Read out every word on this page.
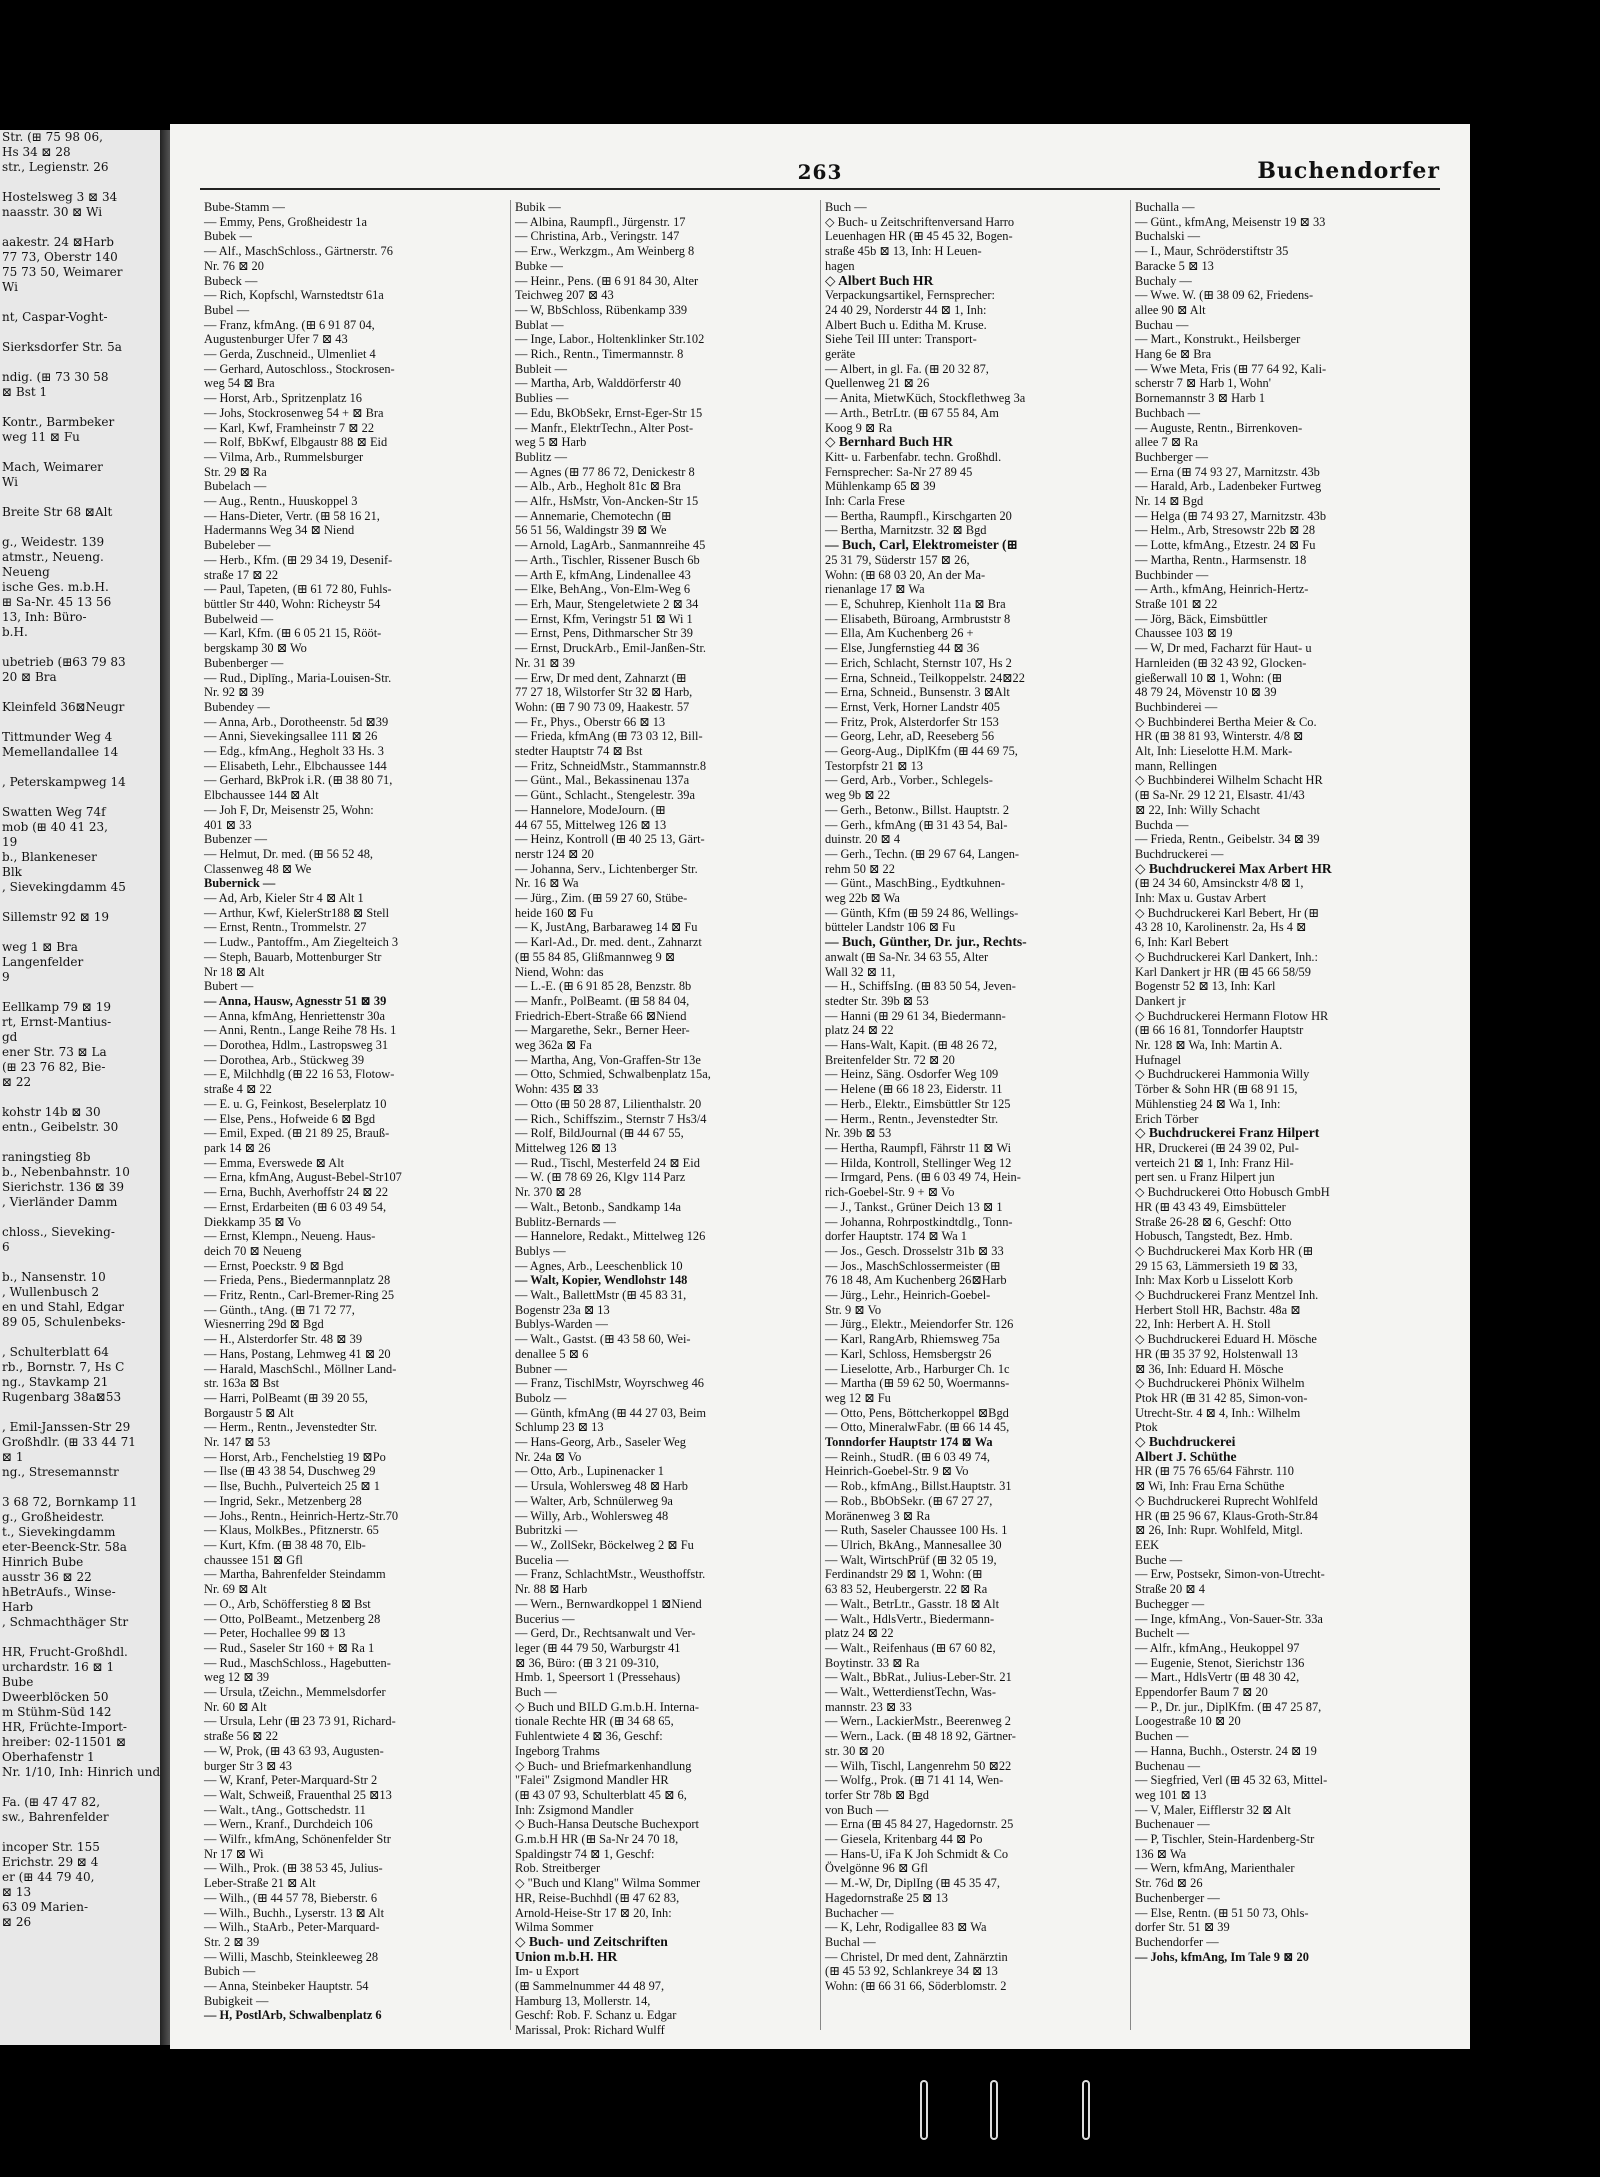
Str. (⊞ 75 98 06,
Hs 34 ⊠ 28
str., Legienstr. 26

Hostelsweg 3 ⊠ 34
naasstr. 30 ⊠ Wi

aakestr. 24 ⊠Harb
77 73, Oberstr 140
75 73 50, Weimarer
Wi

nt, Caspar-Voght-

Sierksdorfer Str. 5a

ndig. (⊞ 73 30 58
⊠ Bst 1

Kontr., Barmbeker
weg 11 ⊠ Fu

Mach, Weimarer
Wi

Breite Str 68 ⊠Alt

g., Weidestr. 139
atmstr., Neueng.
Neueng
ische Ges. m.b.H.
⊞ Sa-Nr. 45 13 56
13, Inh: Büro-
b.H.

ubetrieb (⊞63 79 83
20 ⊠ Bra

Kleinfeld 36⊠Neugr

Tittmunder Weg 4
Memellandallee 14

, Peterskampweg 14

Swatten Weg 74f
mob (⊞ 40 41 23,
19
b., Blankeneser
Blk
, Sievekingdamm 45

Sillemstr 92 ⊠ 19

weg 1 ⊠ Bra
Langenfelder
9

Eellkamp 79 ⊠ 19
rt, Ernst-Mantius-
gd
ener Str. 73 ⊠ La
(⊞ 23 76 82, Bie-
⊠ 22

kohstr 14b ⊠ 30
entn., Geibelstr. 30

raningstieg 8b
b., Nebenbahnstr. 10
Sierichstr. 136 ⊠ 39
, Vierländer Damm

chloss., Sieveking-
6

b., Nansenstr. 10
, Wullenbusch 2
en und Stahl, Edgar
89 05, Schulenbeks-

, Schulterblatt 64
rb., Bornstr. 7, Hs C
ng., Stavkamp 21
Rugenbarg 38a⊠53

, Emil-Janssen-Str 29
Großhdlr. (⊞ 33 44 71
⊠ 1
ng., Stresemannstr

3 68 72, Bornkamp 11
g., Großheidestr.
t., Sievekingdamm
eter-Beenck-Str. 58a
Hinrich Bube
ausstr 36 ⊠ 22
hBetrAufs., Winse-
Harb
, Schmachthäger Str

HR, Frucht-Großhdl.
urchardstr. 16 ⊠ 1
Bube
Dweerblöcken 50
m Stühm-Süd 142
HR, Früchte-Import-
hreiber: 02-11501 ⊠
Oberhafenstr 1
Nr. 1/10, Inh: Hinrich und

Fa. (⊞ 47 47 82,
sw., Bahrenfelder

incoper Str. 155
Erichstr. 29 ⊠ 4
er (⊞ 44 79 40,
⊠ 13
63 09 Marien-
⊠ 26
263	Buchendorfer
Bube-Stamm —
— Emmy, Pens, Großheidestr 1a
Bubek —
— Alf., MaschSchloss., Gärtnerstr. 76
Nr. 76 ⊠ 20
Bubeck —
— Rich, Kopfschl, Warnstedtstr 61a
Bubel —
— Franz, kfmAng. (⊞ 6 91 87 04,
Augustenburger Ufer 7 ⊠ 43
— Gerda, Zuschneid., Ulmenliet 4
— Gerhard, Autoschloss., Stockrosen-
weg 54 ⊠ Bra
— Horst, Arb., Spritzenplatz 16
— Johs, Stockrosenweg 54 + ⊠ Bra
— Karl, Kwf, Framheinstr 7 ⊠ 22
— Rolf, BbKwf, Elbgaustr 88 ⊠ Eid
— Vilma, Arb., Rummelsburger
Str. 29 ⊠ Ra
Bubelach —
— Aug., Rentn., Huuskoppel 3
— Hans-Dieter, Vertr. (⊞ 58 16 21,
Hadermanns Weg 34 ⊠ Niend
Bubeleber —
— Herb., Kfm. (⊞ 29 34 19, Desenif-
straße 17 ⊠ 22
— Paul, Tapeten, (⊞ 61 72 80, Fuhls-
büttler Str 440, Wohn: Richeystr 54
Bubelweid —
— Karl, Kfm. (⊞ 6 05 21 15, Rööt-
bergskamp 30 ⊠ Wo
Bubenberger —
— Rud., Diplīng., Maria-Louisen-Str.
Nr. 92 ⊠ 39
Bubendey —
— Anna, Arb., Dorotheenstr. 5d ⊠39
— Anni, Sievekingsallee 111 ⊠ 26
— Edg., kfmAng., Hegholt 33 Hs. 3
— Elisabeth, Lehr., Elbchaussee 144
— Gerhard, BkProk i.R. (⊞ 38 80 71,
Elbchaussee 144 ⊠ Alt
— Joh F, Dr, Meisenstr 25, Wohn:
401 ⊠ 33
Bubenzer —
— Helmut, Dr. med. (⊞ 56 52 48,
Classenweg 48 ⊠ We
Bubernick —
— Ad, Arb, Kieler Str 4 ⊠ Alt 1
— Arthur, Kwf, KielerStr188 ⊠ Stell
— Ernst, Rentn., Trommelstr. 27
— Ludw., Pantoffm., Am Ziegelteich 3
— Steph, Bauarb, Mottenburger Str
Nr 18 ⊠ Alt
Bubert —
— Anna, Hausw, Agnesstr 51 ⊠ 39
— Anna, kfmAng, Henriettenstr 30a
— Anni, Rentn., Lange Reihe 78 Hs. 1
— Dorothea, Hdlm., Lastropsweg 31
— Dorothea, Arb., Stückweg 39
— E, Milchhdlg (⊞ 22 16 53, Flotow-
straße 4 ⊠ 22
— E. u. G, Feinkost, Beselerplatz 10
— Else, Pens., Hofweide 6 ⊠ Bgd
— Emil, Exped. (⊞ 21 89 25, Brauß-
park 14 ⊠ 26
— Emma, Everswede ⊠ Alt
— Erna, kfmAng, August-Bebel-Str107
— Erna, Buchh, Averhoffstr 24 ⊠ 22
— Ernst, Erdarbeiten (⊞ 6 03 49 54,
Diekkamp 35 ⊠ Vo
— Ernst, Klempn., Neueng. Haus-
deich 70 ⊠ Neueng
— Ernst, Poeckstr. 9 ⊠ Bgd
— Frieda, Pens., Biedermannplatz 28
— Fritz, Rentn., Carl-Bremer-Ring 25
— Günth., tAng. (⊞ 71 72 77,
Wiesnerring 29d ⊠ Bgd
— H., Alsterdorfer Str. 48 ⊠ 39
— Hans, Postang, Lehmweg 41 ⊠ 20
— Harald, MaschSchl., Möllner Land-
str. 163a ⊠ Bst
— Harri, PolBeamt (⊞ 39 20 55,
Borgaustr 5 ⊠ Alt
— Herm., Rentn., Jevenstedter Str.
Nr. 147 ⊠ 53
— Horst, Arb., Fenchelstieg 19 ⊠Po
— Ilse (⊞ 43 38 54, Duschweg 29
— Ilse, Buchh., Pulverteich 25 ⊠ 1
— Ingrid, Sekr., Metzenberg 28
— Johs., Rentn., Heinrich-Hertz-Str.70
— Klaus, MolkBes., Pfitznerstr. 65
— Kurt, Kfm. (⊞ 38 48 70, Elb-
chaussee 151 ⊠ Gfl
— Martha, Bahrenfelder Steindamm
Nr. 69 ⊠ Alt
— O., Arb, Schöfferstieg 8 ⊠ Bst
— Otto, PolBeamt., Metzenberg 28
— Peter, Hochallee 99 ⊠ 13
— Rud., Saseler Str 160 + ⊠ Ra 1
— Rud., MaschSchloss., Hagebutten-
weg 12 ⊠ 39
— Ursula, tZeichn., Memmelsdorfer
Nr. 60 ⊠ Alt
— Ursula, Lehr (⊞ 23 73 91, Richard-
straße 56 ⊠ 22
— W, Prok, (⊞ 43 63 93, Augusten-
burger Str 3 ⊠ 43
— W, Kranf, Peter-Marquard-Str 2
— Walt, Schweiß, Frauenthal 25 ⊠13
— Walt., tAng., Gottschedstr. 11
— Wern., Kranf., Durchdeich 106
— Wilfr., kfmAng, Schönenfelder Str
Nr 17 ⊠ Wi
— Wilh., Prok. (⊞ 38 53 45, Julius-
Leber-Straße 21 ⊠ Alt
— Wilh., (⊞ 44 57 78, Bieberstr. 6
— Wilh., Buchh., Lyserstr. 13 ⊠ Alt
— Wilh., StaArb., Peter-Marquard-
Str. 2 ⊠ 39
— Willi, Maschb, Steinkleeweg 28
Bubich —
— Anna, Steinbeker Hauptstr. 54
Bubigkeit —
— H, PostlArb, Schwalbenplatz 6
Bubik —
— Albina, Raumpfl., Jürgenstr. 17
— Christina, Arb., Veringstr. 147
— Erw., Werkzgm., Am Weinberg 8
Bubke —
— Heinr., Pens. (⊞ 6 91 84 30, Alter
Teichweg 207 ⊠ 43
— W, BbSchloss, Rübenkamp 339
Bublat —
— Inge, Labor., Holtenklinker Str.102
— Rich., Rentn., Timermannstr. 8
Bubleit —
— Martha, Arb, Walddörferstr 40
Bublies —
— Edu, BkObSekr, Ernst-Eger-Str 15
— Manfr., ElektrTechn., Alter Post-
weg 5 ⊠ Harb
Bublitz —
— Agnes (⊞ 77 86 72, Denickestr 8
— Alb., Arb., Hegholt 81c ⊠ Bra
— Alfr., HsMstr, Von-Ancken-Str 15
— Annemarie, Chemotechn (⊞
56 51 56, Waldingstr 39 ⊠ We
— Arnold, LagArb., Sanmannreihe 45
— Arth., Tischler, Rissener Busch 6b
— Arth E, kfmAng, Lindenallee 43
— Elke, BehAng., Von-Elm-Weg 6
— Erh, Maur, Stengeletwiete 2 ⊠ 34
— Ernst, Kfm, Veringstr 51 ⊠ Wi 1
— Ernst, Pens, Dithmarscher Str 39
— Ernst, DruckArb., Emil-Janßen-Str.
Nr. 31 ⊠ 39
— Erw, Dr med dent, Zahnarzt (⊞
77 27 18, Wilstorfer Str 32 ⊠ Harb,
Wohn: (⊞ 7 90 73 09, Haakestr. 57
— Fr., Phys., Oberstr 66 ⊠ 13
— Frieda, kfmAng (⊞ 73 03 12, Bill-
stedter Hauptstr 74 ⊠ Bst
— Fritz, SchneidMstr., Stammannstr.8
— Günt., Mal., Bekassinenau 137a
— Günt., Schlacht., Stengelestr. 39a
— Hannelore, ModeJourn. (⊞
44 67 55, Mittelweg 126 ⊠ 13
— Heinz, Kontroll (⊞ 40 25 13, Gärt-
nerstr 124 ⊠ 20
— Johanna, Serv., Lichtenberger Str.
Nr. 16 ⊠ Wa
— Jürg., Zim. (⊞ 59 27 60, Stübe-
heide 160 ⊠ Fu
— K, JustAng, Barbaraweg 14 ⊠ Fu
— Karl-Ad., Dr. med. dent., Zahnarzt
(⊞ 55 84 85, Glißmannweg 9 ⊠
Niend, Wohn: das
— L.-E. (⊞ 6 91 85 28, Benzstr. 8b
— Manfr., PolBeamt. (⊞ 58 84 04,
Friedrich-Ebert-Straße 66 ⊠Niend
— Margarethe, Sekr., Berner Heer-
weg 362a ⊠ Fa
— Martha, Ang, Von-Graffen-Str 13e
— Otto, Schmied, Schwalbenplatz 15a,
Wohn: 435 ⊠ 33
— Otto (⊞ 50 28 87, Lilienthalstr. 20
— Rich., Schiffszim., Sternstr 7 Hs3/4
— Rolf, BildJournal (⊞ 44 67 55,
Mittelweg 126 ⊠ 13
— Rud., Tischl, Mesterfeld 24 ⊠ Eid
— W. (⊞ 78 69 26, Klgv 114 Parz
Nr. 370 ⊠ 28
— Walt., Betonb., Sandkamp 14a
Bublitz-Bernards —
— Hannelore, Redakt., Mittelweg 126
Bublys —
— Agnes, Arb., Leeschenblick 10
— Walt, Kopier, Wendlohstr 148
— Walt., BallettMstr (⊞ 45 83 31,
Bogenstr 23a ⊠ 13
Bublys-Warden —
— Walt., Gastst. (⊞ 43 58 60, Wei-
denallee 5 ⊠ 6
Bubner —
— Franz, TischlMstr, Woyrschweg 46
Bubolz —
— Günth, kfmAng (⊞ 44 27 03, Beim
Schlump 23 ⊠ 13
— Hans-Georg, Arb., Saseler Weg
Nr. 24a ⊠ Vo
— Otto, Arb., Lupinenacker 1
— Ursula, Wohlersweg 48 ⊠ Harb
— Walter, Arb, Schnülerweg 9a
— Willy, Arb., Wohlersweg 48
Bubritzki —
— W., ZollSekr, Böckelweg 2 ⊠ Fu
Bucelia —
— Franz, SchlachtMstr., Weusthoffstr.
Nr. 88 ⊠ Harb
— Wern., Bernwardkoppel 1 ⊠Niend
Bucerius —
— Gerd, Dr., Rechtsanwalt und Ver-
leger (⊞ 44 79 50, Warburgstr 41
⊠ 36, Büro: (⊞ 3 21 09-310,
Hmb. 1, Speersort 1 (Pressehaus)
Buch —
◇ Buch und BILD G.m.b.H. Interna-
tionale Rechte HR (⊞ 34 68 65,
Fuhlentwiete 4 ⊠ 36, Geschf:
Ingeborg Trahms
◇ Buch- und Briefmarkenhandlung
"Falei" Zsigmond Mandler HR
(⊞ 43 07 93, Schulterblatt 45 ⊠ 6,
Inh: Zsigmond Mandler
◇ Buch-Hansa Deutsche Buchexport
G.m.b.H HR (⊞ Sa-Nr 24 70 18,
Spaldingstr 74 ⊠ 1, Geschf:
Rob. Streitberger
◇ "Buch und Klang" Wilma Sommer
HR, Reise-Buchhdl (⊞ 47 62 83,
Arnold-Heise-Str 17 ⊠ 20, Inh:
Wilma Sommer
◇ Buch- und Zeitschriften
Union m.b.H. HR
Im- u Export
(⊞ Sammelnummer 44 48 97,
Hamburg 13, Mollerstr. 14,
Geschf: Rob. F. Schanz u. Edgar
Marissal, Prok: Richard Wulff
Buch —
◇ Buch- u Zeitschriftenversand Harro
Leuenhagen HR (⊞ 45 45 32, Bogen-
straße 45b ⊠ 13, Inh: H Leuen-
hagen
◇ Albert Buch HR
Verpackungsartikel, Fernsprecher:
24 40 29, Norderstr 44 ⊠ 1, Inh:
Albert Buch u. Editha M. Kruse.
Siehe Teil III unter: Transport-
geräte
— Albert, in gl. Fa. (⊞ 20 32 87,
Quellenweg 21 ⊠ 26
— Anita, MietwKüch, Stockflethweg 3a
— Arth., BetrLtr. (⊞ 67 55 84, Am
Koog 9 ⊠ Ra
◇ Bernhard Buch HR
Kitt- u. Farbenfabr. techn. Großhdl.
Fernsprecher: Sa-Nr 27 89 45
Mühlenkamp 65 ⊠ 39
Inh: Carla Frese
— Bertha, Raumpfl., Kirschgarten 20
— Bertha, Marnitzstr. 32 ⊠ Bgd
— Buch, Carl, Elektromeister (⊞
25 31 79, Süderstr 157 ⊠ 26,
Wohn: (⊞ 68 03 20, An der Ma-
rienanlage 17 ⊠ Wa
— E, Schuhrep, Kienholt 11a ⊠ Bra
— Elisabeth, Büroang, Armbruststr 8
— Ella, Am Kuchenberg 26 +
— Else, Jungfernstieg 44 ⊠ 36
— Erich, Schlacht, Sternstr 107, Hs 2
— Erna, Schneid., Teilkoppelstr. 24⊠22
— Erna, Schneid., Bunsenstr. 3 ⊠Alt
— Ernst, Verk, Horner Landstr 405
— Fritz, Prok, Alsterdorfer Str 153
— Georg, Lehr, aD, Reeseberg 56
— Georg-Aug., DiplKfm (⊞ 44 69 75,
Testorpfstr 21 ⊠ 13
— Gerd, Arb., Vorber., Schlegels-
weg 9b ⊠ 22
— Gerh., Betonw., Billst. Hauptstr. 2
— Gerh., kfmAng (⊞ 31 43 54, Bal-
duinstr. 20 ⊠ 4
— Gerh., Techn. (⊞ 29 67 64, Langen-
rehm 50 ⊠ 22
— Günt., MaschBing., Eydtkuhnen-
weg 22b ⊠ Wa
— Günth, Kfm (⊞ 59 24 86, Wellings-
bütteler Landstr 106 ⊠ Fu
— Buch, Günther, Dr. jur., Rechts-
anwalt (⊞ Sa-Nr. 34 63 55, Alter
Wall 32 ⊠ 11,
— H., SchiffsIng. (⊞ 83 50 54, Jeven-
stedter Str. 39b ⊠ 53
— Hanni (⊞ 29 61 34, Biedermann-
platz 24 ⊠ 22
— Hans-Walt, Kapit. (⊞ 48 26 72,
Breitenfelder Str. 72 ⊠ 20
— Heinz, Säng. Osdorfer Weg 109
— Helene (⊞ 66 18 23, Eiderstr. 11
— Herb., Elektr., Eimsbüttler Str 125
— Herm., Rentn., Jevenstedter Str.
Nr. 39b ⊠ 53
— Hertha, Raumpfl, Fährstr 11 ⊠ Wi
— Hilda, Kontroll, Stellinger Weg 12
— Irmgard, Pens. (⊞ 6 03 49 74, Hein-
rich-Goebel-Str. 9 + ⊠ Vo
— J., Tankst., Grüner Deich 13 ⊠ 1
— Johanna, Rohrpostkindtdlg., Tonn-
dorfer Hauptstr. 174 ⊠ Wa 1
— Jos., Gesch. Drosselstr 31b ⊠ 33
— Jos., MaschSchlossermeister (⊞
76 18 48, Am Kuchenberg 26⊠Harb
— Jürg., Lehr., Heinrich-Goebel-
Str. 9 ⊠ Vo
— Jürg., Elektr., Meiendorfer Str. 126
— Karl, RangArb, Rhiemsweg 75a
— Karl, Schloss, Hemsbergstr 26
— Lieselotte, Arb., Harburger Ch. 1c
— Martha (⊞ 59 62 50, Woermanns-
weg 12 ⊠ Fu
— Otto, Pens, Böttcherkoppel ⊠Bgd
— Otto, MineralwFabr. (⊞ 66 14 45,
Tonndorfer Hauptstr 174 ⊠ Wa
— Reinh., StudR. (⊞ 6 03 49 74,
Heinrich-Goebel-Str. 9 ⊠ Vo
— Rob., kfmAng., Billst.Hauptstr. 31
— Rob., BbObSekr. (⊞ 67 27 27,
Moränenweg 3 ⊠ Ra
— Ruth, Saseler Chaussee 100 Hs. 1
— Ulrich, BkAng., Mannesallee 30
— Walt, WirtschPrüf (⊞ 32 05 19,
Ferdinandstr 29 ⊠ 1, Wohn: (⊞
63 83 52, Heubergerstr. 22 ⊠ Ra
— Walt., BetrLtr., Gasstr. 18 ⊠ Alt
— Walt., HdlsVertr., Biedermann-
platz 24 ⊠ 22
— Walt., Reifenhaus (⊞ 67 60 82,
Boytinstr. 33 ⊠ Ra
— Walt., BbRat., Julius-Leber-Str. 21
— Walt., WetterdienstTechn, Was-
mannstr. 23 ⊠ 33
— Wern., LackierMstr., Beerenweg 2
— Wern., Lack. (⊞ 48 18 92, Gärtner-
str. 30 ⊠ 20
— Wilh, Tischl, Langenrehm 50 ⊠22
— Wolfg., Prok. (⊞ 71 41 14, Wen-
torfer Str 78b ⊠ Bgd
von Buch —
— Erna (⊞ 45 84 27, Hagedornstr. 25
— Giesela, Kritenbarg 44 ⊠ Po
— Hans-U, iFa K Joh Schmidt & Co
Övelgönne 96 ⊠ Gfl
— M.-W, Dr, DiplIng (⊞ 45 35 47,
Hagedornstraße 25 ⊠ 13
Buchacher —
— K, Lehr, Rodigallee 83 ⊠ Wa
Buchal —
— Christel, Dr med dent, Zahnärztin
(⊞ 45 53 92, Schlankreye 34 ⊠ 13
Wohn: (⊞ 66 31 66, Söderblomstr. 2
Buchalla —
— Günt., kfmAng, Meisenstr 19 ⊠ 33
Buchalski —
— I., Maur, Schröderstiftstr 35
Baracke 5 ⊠ 13
Buchaly —
— Wwe. W. (⊞ 38 09 62, Friedens-
allee 90 ⊠ Alt
Buchau —
— Mart., Konstrukt., Heilsberger
Hang 6e ⊠ Bra
— Wwe Meta, Fris (⊞ 77 64 92, Kali-
scherstr 7 ⊠ Harb 1, Wohn'
Bornemannstr 3 ⊠ Harb 1
Buchbach —
— Auguste, Rentn., Birrenkoven-
allee 7 ⊠ Ra
Buchberger —
— Erna (⊞ 74 93 27, Marnitzstr. 43b
— Harald, Arb., Ladenbeker Furtweg
Nr. 14 ⊠ Bgd
— Helga (⊞ 74 93 27, Marnitzstr. 43b
— Helm., Arb, Stresowstr 22b ⊠ 28
— Lotte, kfmAng., Etzestr. 24 ⊠ Fu
— Martha, Rentn., Harmsenstr. 18
Buchbinder —
— Arth., kfmAng, Heinrich-Hertz-
Straße 101 ⊠ 22
— Jörg, Bäck, Eimsbüttler
Chaussee 103 ⊠ 19
— W, Dr med, Facharzt für Haut- u
Harnleiden (⊞ 32 43 92, Glocken-
gießerwall 10 ⊠ 1, Wohn: (⊞
48 79 24, Mövenstr 10 ⊠ 39
Buchbinderei —
◇ Buchbinderei Bertha Meier & Co.
HR (⊞ 38 81 93, Winterstr. 4/8 ⊠
Alt, Inh: Lieselotte H.M. Mark-
mann, Rellingen
◇ Buchbinderei Wilhelm Schacht HR
(⊞ Sa-Nr. 29 12 21, Elsastr. 41/43
⊠ 22, Inh: Willy Schacht
Buchda —
— Frieda, Rentn., Geibelstr. 34 ⊠ 39
Buchdruckerei —
◇ Buchdruckerei Max Arbert HR
(⊞ 24 34 60, Amsinckstr 4/8 ⊠ 1,
Inh: Max u. Gustav Arbert
◇ Buchdruckerei Karl Bebert, Hr (⊞
43 28 10, Karolinenstr. 2a, Hs 4 ⊠
6, Inh: Karl Bebert
◇ Buchdruckerei Karl Dankert, Inh.:
Karl Dankert jr HR (⊞ 45 66 58/59
Bogenstr 52 ⊠ 13, Inh: Karl
Dankert jr
◇ Buchdruckerei Hermann Flotow HR
(⊞ 66 16 81, Tonndorfer Hauptstr
Nr. 128 ⊠ Wa, Inh: Martin A.
Hufnagel
◇ Buchdruckerei Hammonia Willy
Törber & Sohn HR (⊞ 68 91 15,
Mühlenstieg 24 ⊠ Wa 1, Inh:
Erich Törber
◇ Buchdruckerei Franz Hilpert
HR, Druckerei (⊞ 24 39 02, Pul-
verteich 21 ⊠ 1, Inh: Franz Hil-
pert sen. u Franz Hilpert jun
◇ Buchdruckerei Otto Hobusch GmbH
HR (⊞ 43 43 49, Eimsbütteler
Straße 26-28 ⊠ 6, Geschf: Otto
Hobusch, Tangstedt, Bez. Hmb.
◇ Buchdruckerei Max Korb HR (⊞
29 15 63, Lämmersieth 19 ⊠ 33,
Inh: Max Korb u Lisselott Korb
◇ Buchdruckerei Franz Mentzel Inh.
Herbert Stoll HR, Bachstr. 48a ⊠
22, Inh: Herbert A. H. Stoll
◇ Buchdruckerei Eduard H. Mösche
HR (⊞ 35 37 92, Holstenwall 13
⊠ 36, Inh: Eduard H. Mösche
◇ Buchdruckerei Phönix Wilhelm
Ptok HR (⊞ 31 42 85, Simon-von-
Utrecht-Str. 4 ⊠ 4, Inh.: Wilhelm
Ptok
◇ Buchdruckerei
Albert J. Schüthe
HR (⊞ 75 76 65/64 Fährstr. 110
⊠ Wi, Inh: Frau Erna Schüthe
◇ Buchdruckerei Ruprecht Wohlfeld
HR (⊞ 25 96 67, Klaus-Groth-Str.84
⊠ 26, Inh: Rupr. Wohlfeld, Mitgl.
EEK
Buche —
— Erw, Postsekr, Simon-von-Utrecht-
Straße 20 ⊠ 4
Buchegger —
— Inge, kfmAng., Von-Sauer-Str. 33a
Buchelt —
— Alfr., kfmAng., Heukoppel 97
— Eugenie, Stenot, Sierichstr 136
— Mart., HdlsVertr (⊞ 48 30 42,
Eppendorfer Baum 7 ⊠ 20
— P., Dr. jur., DiplKfm. (⊞ 47 25 87,
Loogestraße 10 ⊠ 20
Buchen —
— Hanna, Buchh., Osterstr. 24 ⊠ 19
Buchenau —
— Siegfried, Verl (⊞ 45 32 63, Mittel-
weg 101 ⊠ 13
— V, Maler, Eifflerstr 32 ⊠ Alt
Buchenauer —
— P, Tischler, Stein-Hardenberg-Str
136 ⊠ Wa
— Wern, kfmAng, Marienthaler
Str. 76d ⊠ 26
Buchenberger —
— Else, Rentn. (⊞ 51 50 73, Ohls-
dorfer Str. 51 ⊠ 39
Buchendorfer —
— Johs, kfmAng, Im Tale 9 ⊠ 20
